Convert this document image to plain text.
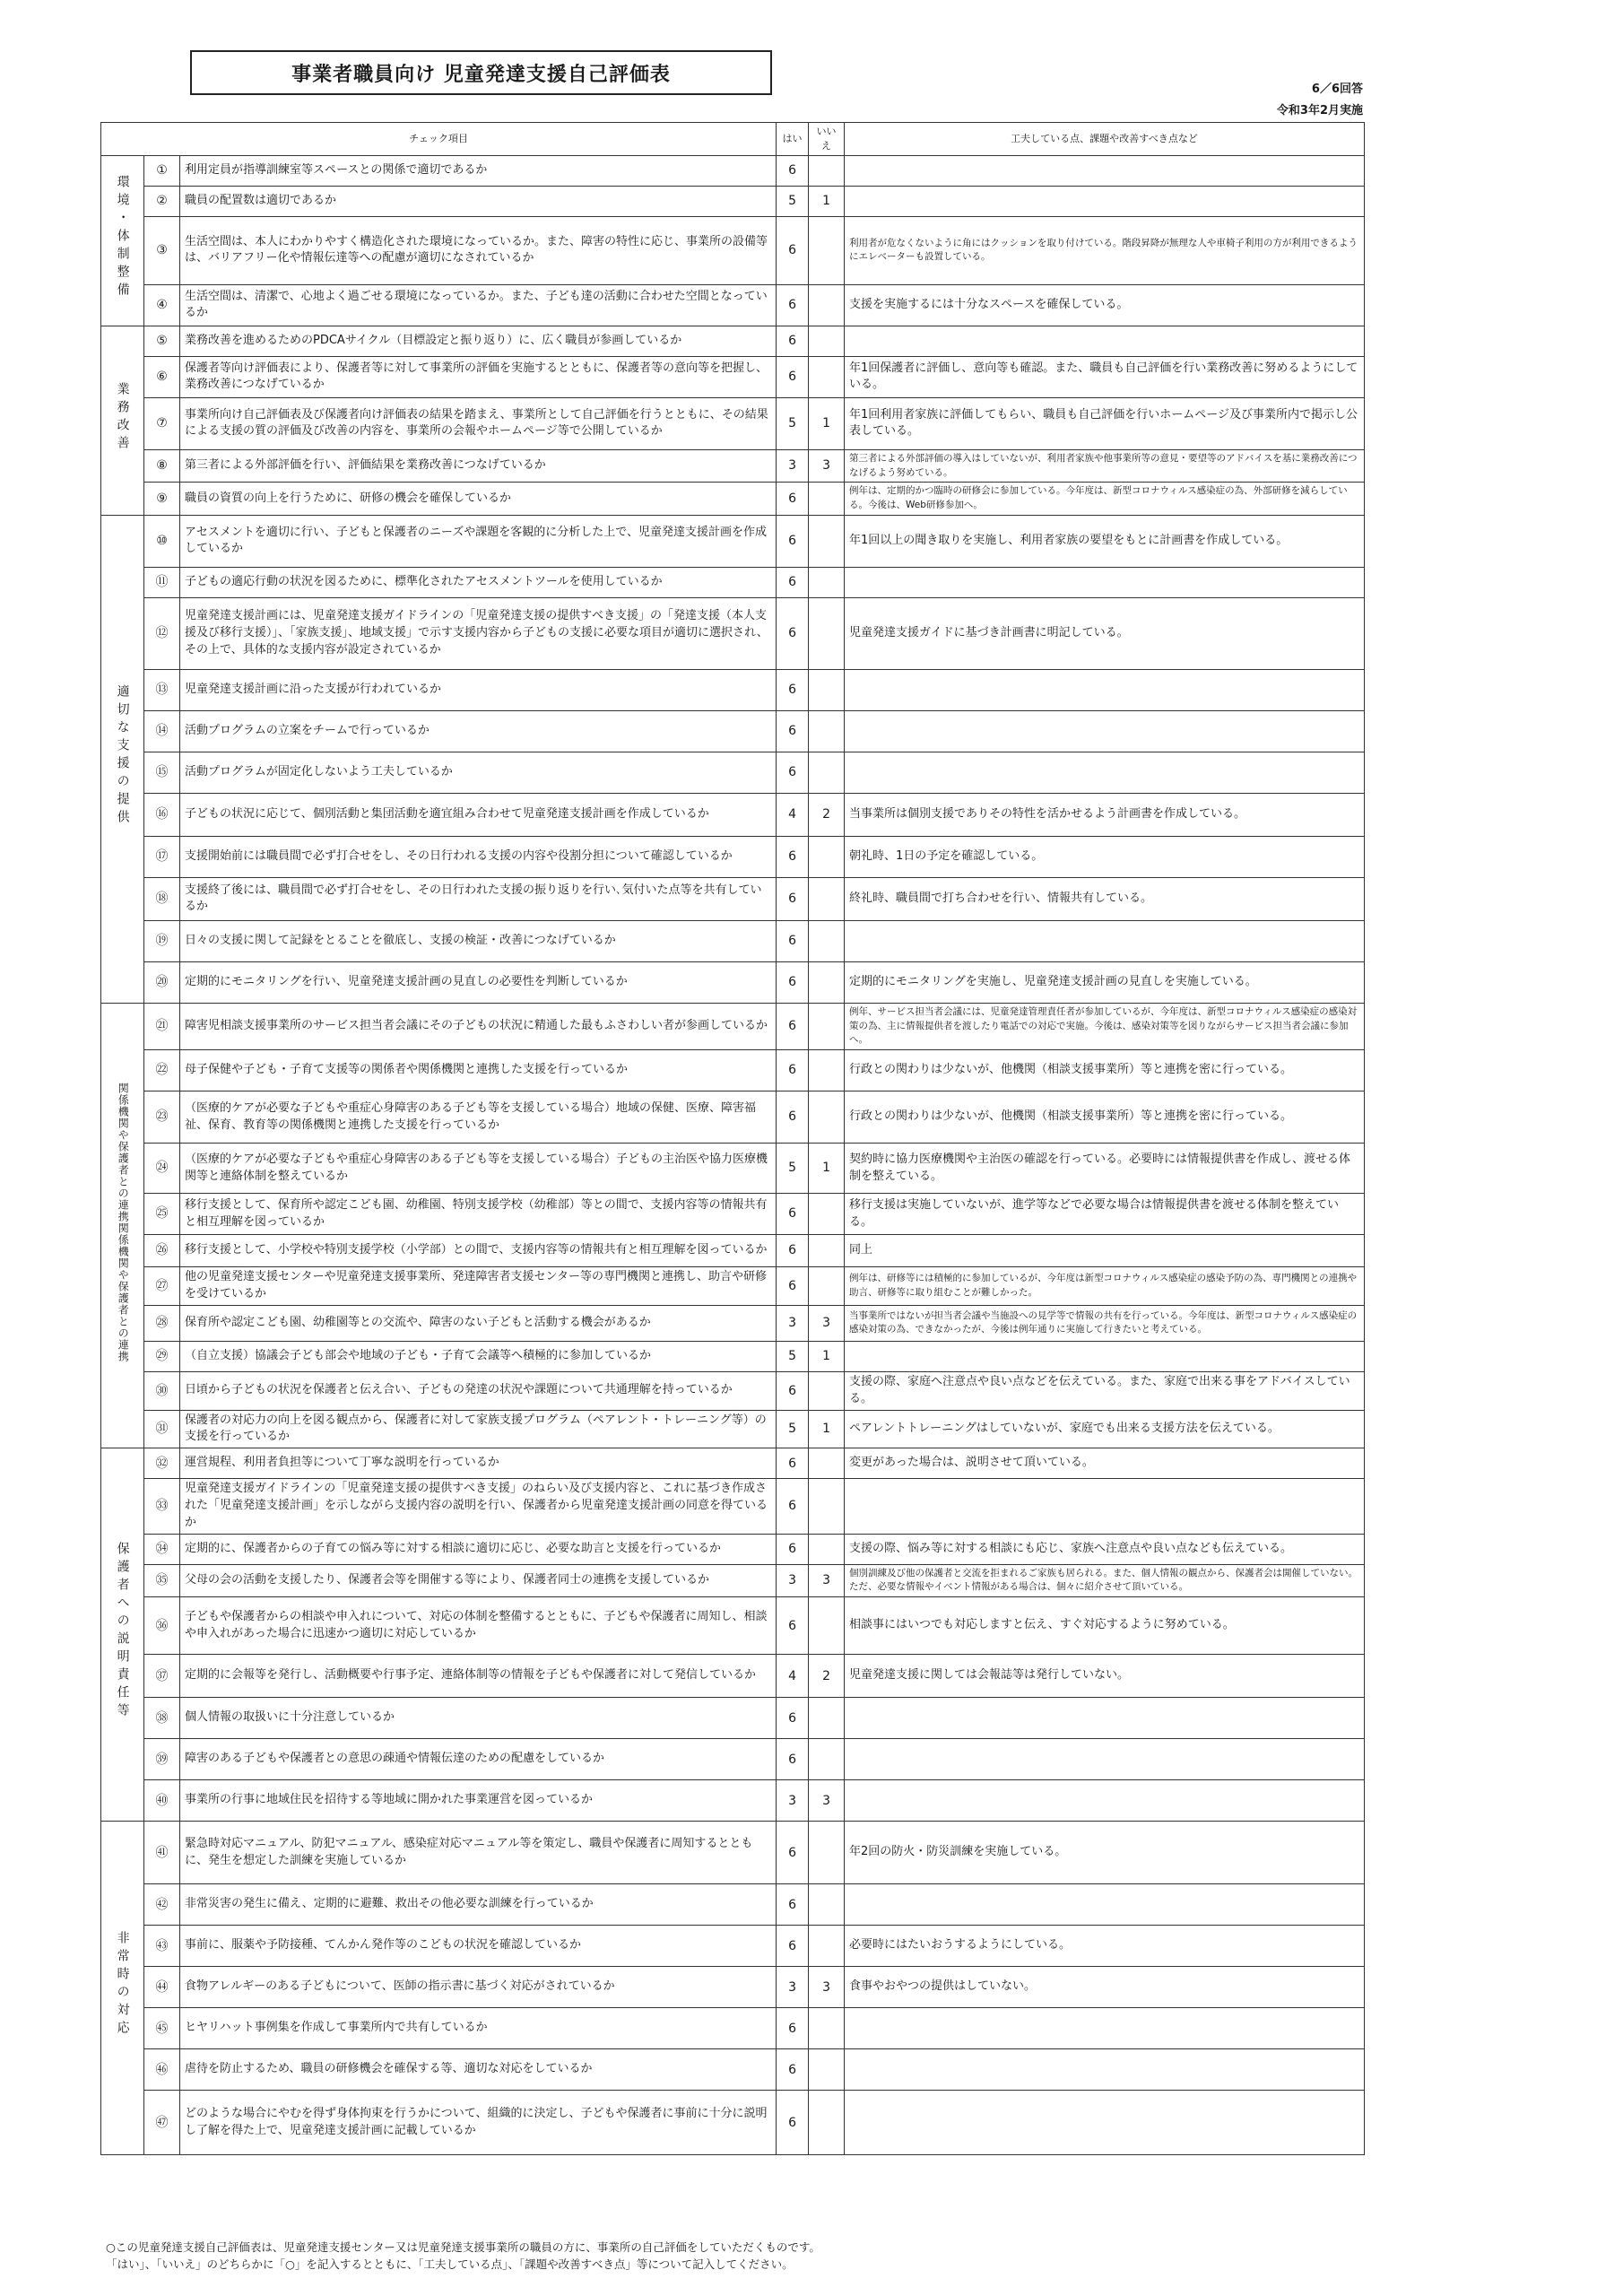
事業者職員向け 児童発達支援自己評価表
6／6回答
令和3年2月実施
チェック項目			はい	いいえ	工夫している点、課題や改善すべき点など
環境・体制整備	①	利用定員が指導訓練室等スペースとの関係で適切であるか	6		
	②	職員の配置数は適切であるか	5	1	
	③	生活空間は、本人にわかりやすく構造化された環境になっているか。また、障害の特性に応じ、事業所の設備等は、バリアフリー化や情報伝達等への配慮が適切になされているか	6		利用者が危なくないように角にはクッションを取り付けている。階段昇降が無理な人や車椅子利用の方が利用できるようにエレベーターも設置している。
	④	生活空間は、清潔で、心地よく過ごせる環境になっているか。また、子ども達の活動に合わせた空間となっているか	6		支援を実施するには十分なスペースを確保している。
業務改善	⑤	業務改善を進めるためのPDCAサイクル（目標設定と振り返り）に、広く職員が参画しているか	6		
	⑥	保護者等向け評価表により、保護者等に対して事業所の評価を実施するとともに、保護者等の意向等を把握し、業務改善につなげているか	6		年1回保護者に評価し、意向等も確認。また、職員も自己評価を行い業務改善に努めるようにしている。
	⑦	事業所向け自己評価表及び保護者向け評価表の結果を踏まえ、事業所として自己評価を行うとともに、その結果による支援の質の評価及び改善の内容を、事業所の会報やホームページ等で公開しているか	5	1	年1回利用者家族に評価してもらい、職員も自己評価を行いホームページ及び事業所内で掲示し公表している。
	⑧	第三者による外部評価を行い、評価結果を業務改善につなげているか	3	3	第三者による外部評価の導入はしていないが、利用者家族や他事業所等の意見・要望等のアドバイスを基に業務改善につなげるよう努めている。
	⑨	職員の資質の向上を行うために、研修の機会を確保しているか	6		例年は、定期的かつ臨時の研修会に参加している。今年度は、新型コロナウィルス感染症の為、外部研修を減らしている。今後は、Web研修参加へ。
適切な支援の提供	⑩	アセスメントを適切に行い、子どもと保護者のニーズや課題を客観的に分析した上で、児童発達支援計画を作成しているか	6		年1回以上の聞き取りを実施し、利用者家族の要望をもとに計画書を作成している。
	⑪	子どもの適応行動の状況を図るために、標準化されたアセスメントツールを使用しているか	6		
	⑫	児童発達支援計画には、児童発達支援ガイドラインの「児童発達支援の提供すべき支援」の「発達支援（本人支援及び移行支援）」、「家族支援」、地域支援」で示す支援内容から子どもの支援に必要な項目が適切に選択され、その上で、具体的な支援内容が設定されているか	6		児童発達支援ガイドに基づき計画書に明記している。
	⑬	児童発達支援計画に沿った支援が行われているか	6		
	⑭	活動プログラムの立案をチームで行っているか	6		
	⑮	活動プログラムが固定化しないよう工夫しているか	6		
	⑯	子どもの状況に応じて、個別活動と集団活動を適宜組み合わせて児童発達支援計画を作成しているか	4	2	当事業所は個別支援でありその特性を活かせるよう計画書を作成している。
	⑰	支援開始前には職員間で必ず打合せをし、その日行われる支援の内容や役割分担について確認しているか	6		朝礼時、1日の予定を確認している。
	⑱	支援終了後には、職員間で必ず打合せをし、その日行われた支援の振り返りを行い､気付いた点等を共有しているか	6		終礼時、職員間で打ち合わせを行い、情報共有している。
	⑲	日々の支援に関して記録をとることを徹底し、支援の検証・改善につなげているか	6		
	⑳	定期的にモニタリングを行い、児童発達支援計画の見直しの必要性を判断しているか	6		定期的にモニタリングを実施し、児童発達支援計画の見直しを実施している。
関係機関や保護者との連携関係機関や保護者との連携	㉑	障害児相談支援事業所のサービス担当者会議にその子どもの状況に精通した最もふさわしい者が参画しているか	6		例年、サービス担当者会議には、児童発達管理責任者が参加しているが、今年度は、新型コロナウィルス感染症の感染対策の為、主に情報提供者を渡したり電話での対応で実施。今後は、感染対策等を図りながらサービス担当者会議に参加へ。
	㉒	母子保健や子ども・子育て支援等の関係者や関係機関と連携した支援を行っているか	6		行政との関わりは少ないが、他機関（相談支援事業所）等と連携を密に行っている。
	㉓	（医療的ケアが必要な子どもや重症心身障害のある子ども等を支援している場合）地域の保健、医療、障害福祉、保育、教育等の関係機関と連携した支援を行っているか	6		行政との関わりは少ないが、他機関（相談支援事業所）等と連携を密に行っている。
	㉔	（医療的ケアが必要な子どもや重症心身障害のある子ども等を支援している場合）子どもの主治医や協力医療機関等と連絡体制を整えているか	5	1	契約時に協力医療機関や主治医の確認を行っている。必要時には情報提供書を作成し、渡せる体制を整えている。
	㉕	移行支援として、保育所や認定こども園、幼稚園、特別支援学校（幼稚部）等との間で、支援内容等の情報共有と相互理解を図っているか	6		移行支援は実施していないが、進学等などで必要な場合は情報提供書を渡せる体制を整えている。
	㉖	移行支援として、小学校や特別支援学校（小学部）との間で、支援内容等の情報共有と相互理解を図っているか	6		同上
	㉗	他の児童発達支援センターや児童発達支援事業所、発達障害者支援センター等の専門機関と連携し、助言や研修を受けているか	6		例年は、研修等には積極的に参加しているが、今年度は新型コロナウィルス感染症の感染予防の為、専門機関との連携や助言、研修等に取り組むことが難しかった。
	㉘	保育所や認定こども園、幼稚園等との交流や、障害のない子どもと活動する機会があるか	3	3	当事業所ではないが担当者会議や当施設への見学等で情報の共有を行っている。今年度は、新型コロナウィルス感染症の感染対策の為、できなかったが、今後は例年通りに実施して行きたいと考えている。
	㉙	（自立支援）協議会子ども部会や地域の子ども・子育て会議等へ積極的に参加しているか	5	1	
	㉚	日頃から子どもの状況を保護者と伝え合い、子どもの発達の状況や課題について共通理解を持っているか	6		支援の際、家庭へ注意点や良い点などを伝えている。また、家庭で出来る事をアドバイスしている。
	㉛	保護者の対応力の向上を図る観点から、保護者に対して家族支援プログラム（ペアレント・トレーニング等）の支援を行っているか	5	1	ペアレントトレーニングはしていないが、家庭でも出来る支援方法を伝えている。
保護者への説明責任等	㉜	運営規程、利用者負担等について丁寧な説明を行っているか	6		変更があった場合は、説明させて頂いている。
	㉝	児童発達支援ガイドラインの「児童発達支援の提供すべき支援」のねらい及び支援内容と、これに基づき作成された「児童発達支援計画」を示しながら支援内容の説明を行い、保護者から児童発達支援計画の同意を得ているか	6		
	㉞	定期的に、保護者からの子育ての悩み等に対する相談に適切に応じ、必要な助言と支援を行っているか	6		支援の際、悩み等に対する相談にも応じ、家族へ注意点や良い点なども伝えている。
	㉟	父母の会の活動を支援したり、保護者会等を開催する等により、保護者同士の連携を支援しているか	3	3	個別訓練及び他の保護者と交流を拒まれるご家族も居られる。また、個人情報の観点から、保護者会は開催していない。ただ、必要な情報やイベント情報がある場合は、個々に紹介させて頂いている。
	㊱	子どもや保護者からの相談や申入れについて、対応の体制を整備するとともに、子どもや保護者に周知し、相談や申入れがあった場合に迅速かつ適切に対応しているか	6		相談事にはいつでも対応しますと伝え、すぐ対応するように努めている。
	㊲	定期的に会報等を発行し、活動概要や行事予定、連絡体制等の情報を子どもや保護者に対して発信しているか	4	2	児童発達支援に関しては会報誌等は発行していない。
	㊳	個人情報の取扱いに十分注意しているか	6		
	㊴	障害のある子どもや保護者との意思の疎通や情報伝達のための配慮をしているか	6		
	㊵	事業所の行事に地域住民を招待する等地域に開かれた事業運営を図っているか	3	3	
非常時の対応	㊶	緊急時対応マニュアル、防犯マニュアル、感染症対応マニュアル等を策定し、職員や保護者に周知するとともに、発生を想定した訓練を実施しているか	6		年2回の防火・防災訓練を実施している。
	㊷	非常災害の発生に備え、定期的に避難、救出その他必要な訓練を行っているか	6		
	㊸	事前に、服薬や予防接種、てんかん発作等のこどもの状況を確認しているか	6		必要時にはたいおうするようにしている。
	㊹	食物アレルギーのある子どもについて、医師の指示書に基づく対応がされているか	3	3	食事やおやつの提供はしていない。
	㊺	ヒヤリハット事例集を作成して事業所内で共有しているか	6		
	㊻	虐待を防止するため、職員の研修機会を確保する等、適切な対応をしているか	6		
	㊼	どのような場合にやむを得ず身体拘束を行うかについて、組織的に決定し、子どもや保護者に事前に十分に説明し了解を得た上で、児童発達支援計画に記載しているか	6		
○この児童発達支援自己評価表は、児童発達支援センター又は児童発達支援事業所の職員の方に、事業所の自己評価をしていただくものです。
「はい」、「いいえ」のどちらかに「○」を記入するとともに、「工夫している点」、「課題や改善すべき点」等について記入してください。
